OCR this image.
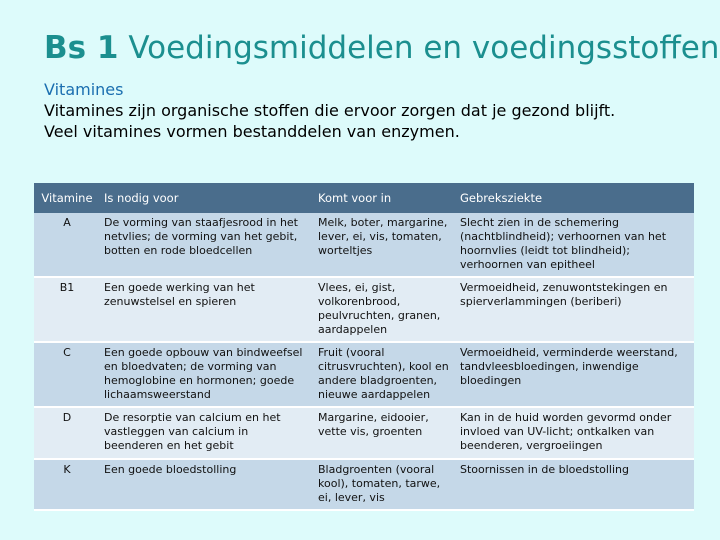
Bs 1 Voedingsmiddelen en voedingsstoffen
Vitamines
Vitamines zijn organische stoffen die ervoor zorgen dat je gezond blijft.
Veel vitamines vormen bestanddelen van enzymen.
Vitamine	Is nodig voor	Komt voor in	Gebreksziekte
A	De vorming van staafjesrood in het netvlies; de vorming van het gebit, botten en rode bloedcellen	Melk, boter, margarine, lever, ei, vis, tomaten, worteltjes	Slecht zien in de schemering (nachtblindheid); verhoornen van het hoornvlies (leidt tot blindheid); verhoornen van epitheel
B1	Een goede werking van het zenuwstelsel en spieren	Vlees, ei, gist, volkorenbrood, peulvruchten, granen, aardappelen	Vermoeidheid, zenuwontstekingen en spierverlammingen (beriberi)
C	Een goede opbouw van bindweefsel en bloedvaten; de vorming van hemoglobine en hormonen; goede lichaamsweerstand	Fruit (vooral citrusvruchten), kool en andere bladgroenten, nieuwe aardappelen	Vermoeidheid, verminderde weerstand, tandvleesbloedingen, inwendige bloedingen
D	De resorptie van calcium en het vastleggen van calcium in beenderen en het gebit	Margarine, eidooier, vette vis, groenten	Kan in de huid worden gevormd onder invloed van UV-licht; ontkalken van beenderen, vergroeiingen
K	Een goede bloedstolling	Bladgroenten (vooral kool), tomaten, tarwe, ei, lever, vis	Stoornissen in de bloedstolling
